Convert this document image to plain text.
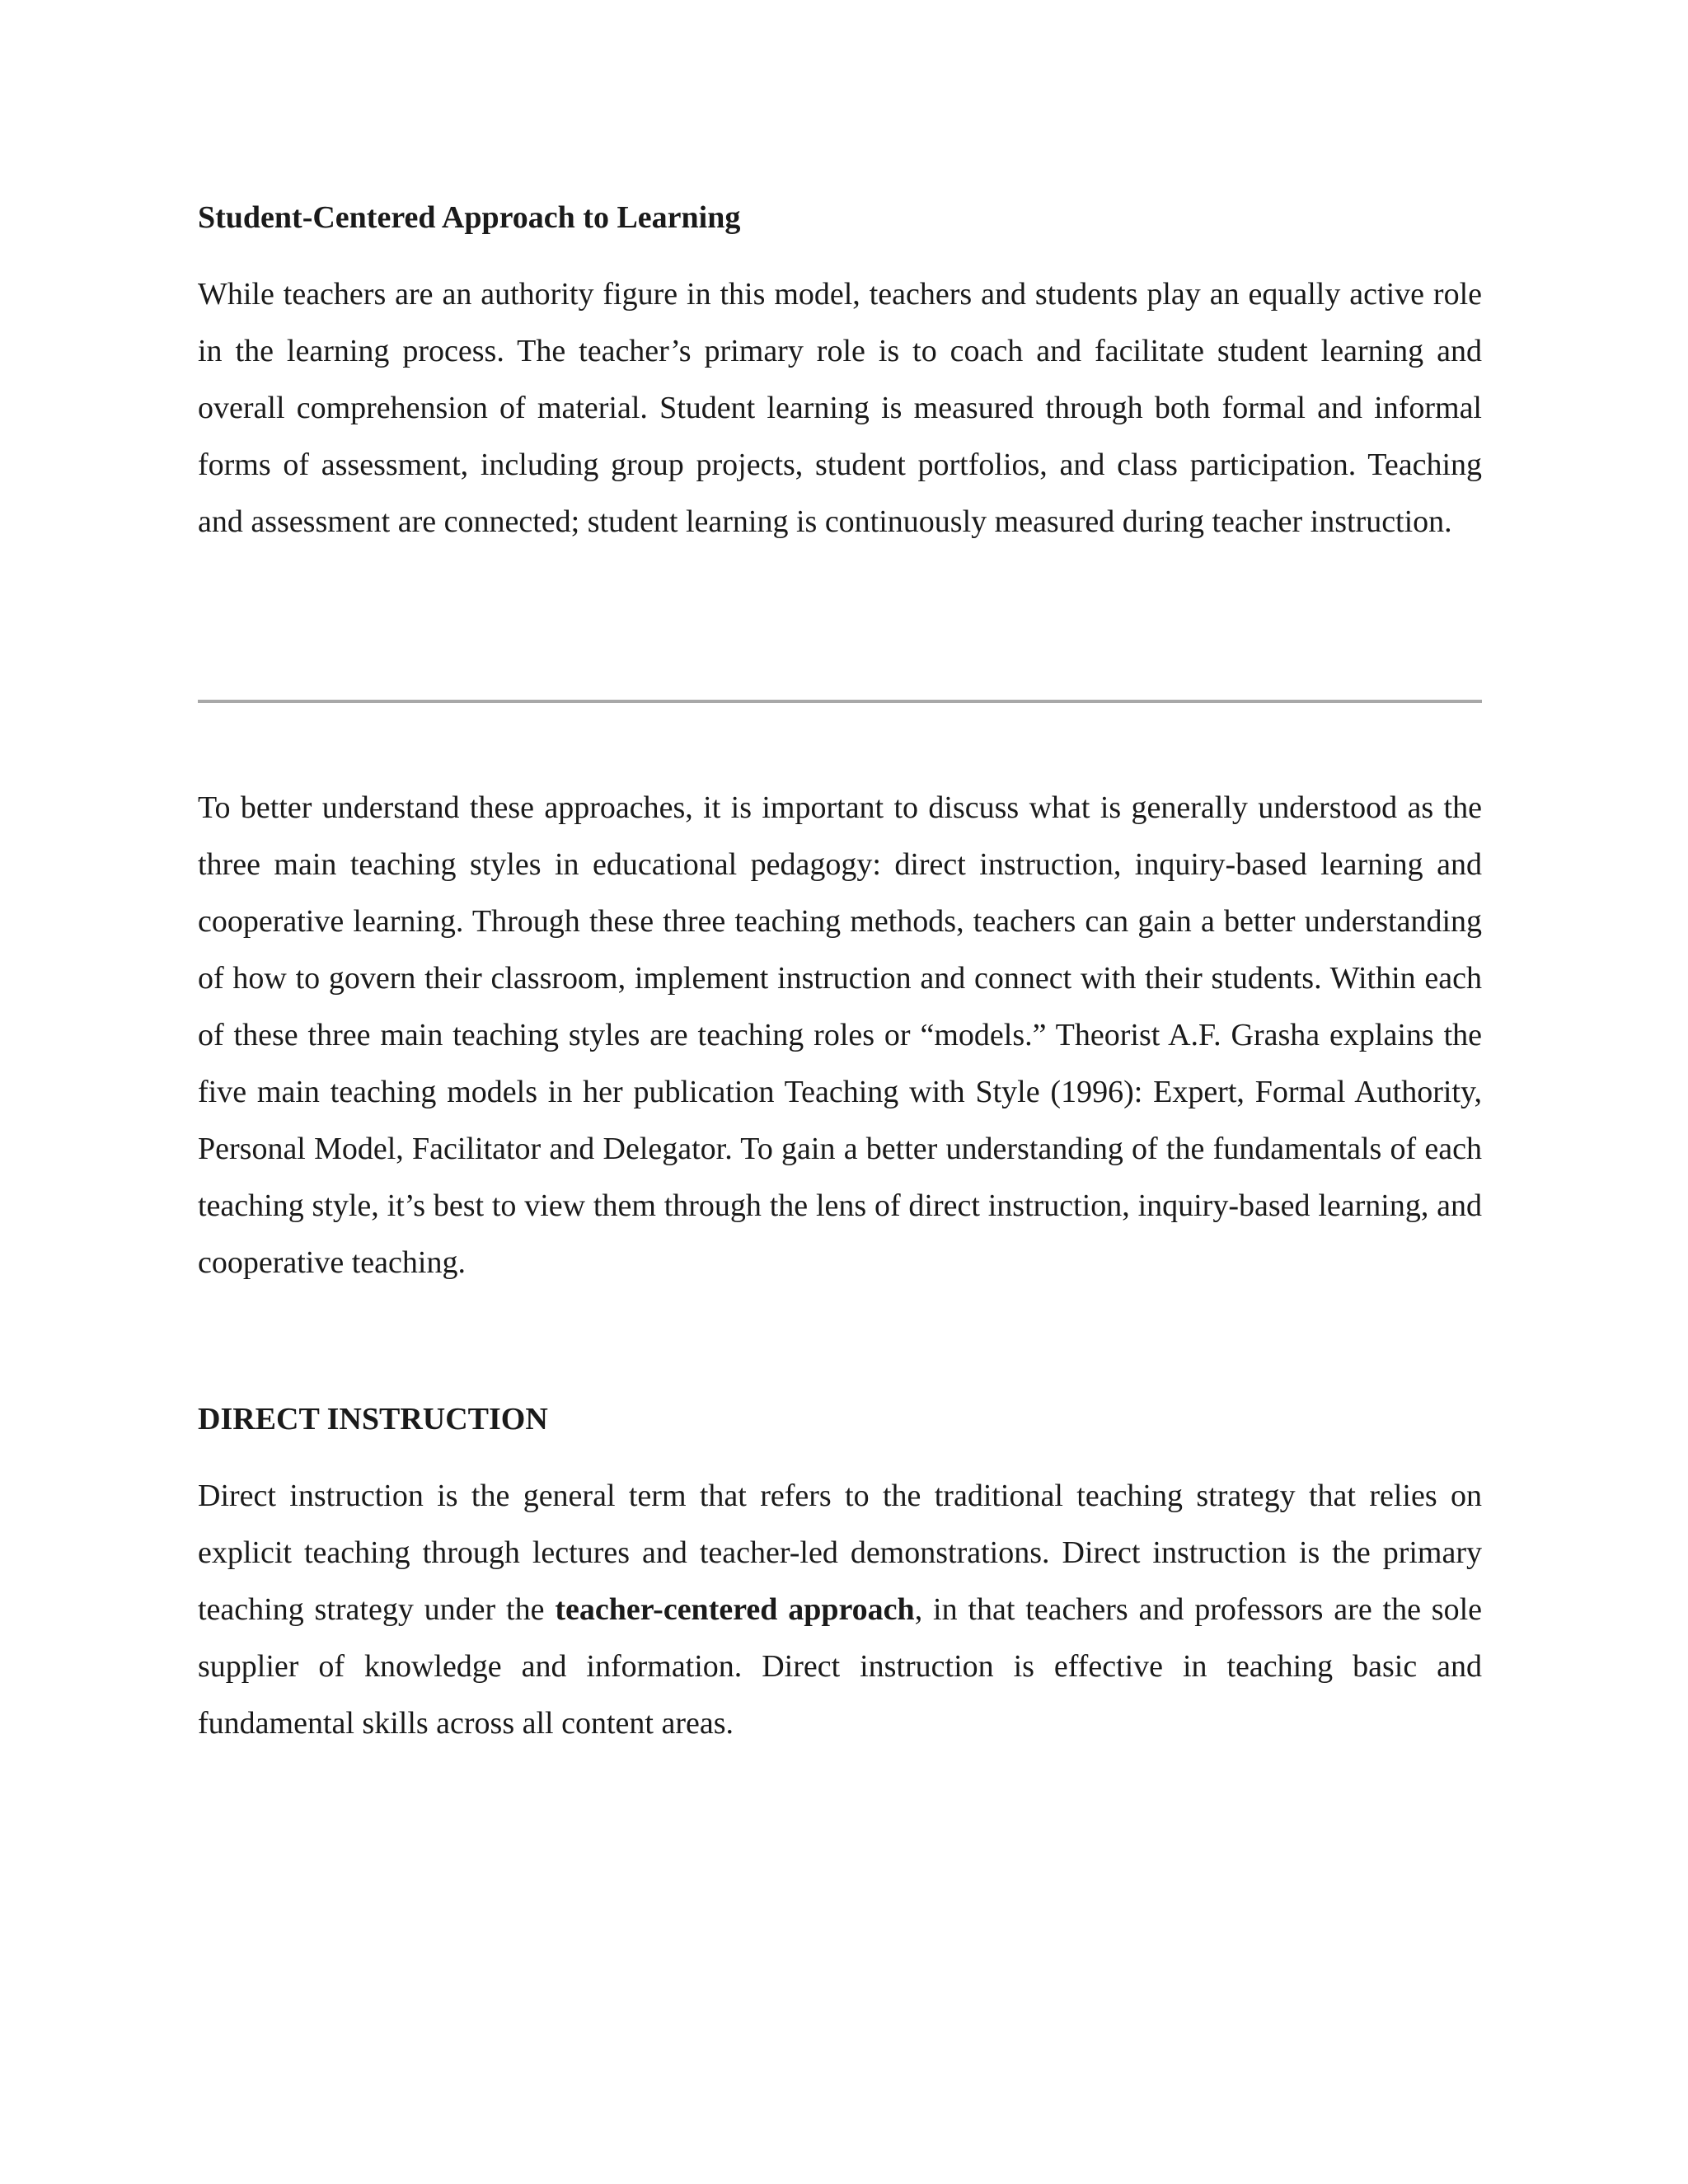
Student-Centered Approach to Learning

While teachers are an authority figure in this model, teachers and students play an equally active role in the learning process. The teacher’s primary role is to coach and facilitate student learning and overall comprehension of material. Student learning is measured through both formal and informal forms of assessment, including group projects, student portfolios, and class participation. Teaching and assessment are connected; student learning is continuously measured during teacher instruction.

To better understand these approaches, it is important to discuss what is generally understood as the three main teaching styles in educational pedagogy: direct instruction, inquiry-based learning and cooperative learning. Through these three teaching methods, teachers can gain a better understanding of how to govern their classroom, implement instruction and connect with their students. Within each of these three main teaching styles are teaching roles or “models.” Theorist A.F. Grasha explains the five main teaching models in her publication Teaching with Style (1996): Expert, Formal Authority, Personal Model, Facilitator and Delegator. To gain a better understanding of the fundamentals of each teaching style, it’s best to view them through the lens of direct instruction, inquiry-based learning, and cooperative teaching.

DIRECT INSTRUCTION

Direct instruction is the general term that refers to the traditional teaching strategy that relies on explicit teaching through lectures and teacher-led demonstrations. Direct instruction is the primary teaching strategy under the teacher-centered approach, in that teachers and professors are the sole supplier of knowledge and information. Direct instruction is effective in teaching basic and fundamental skills across all content areas.
